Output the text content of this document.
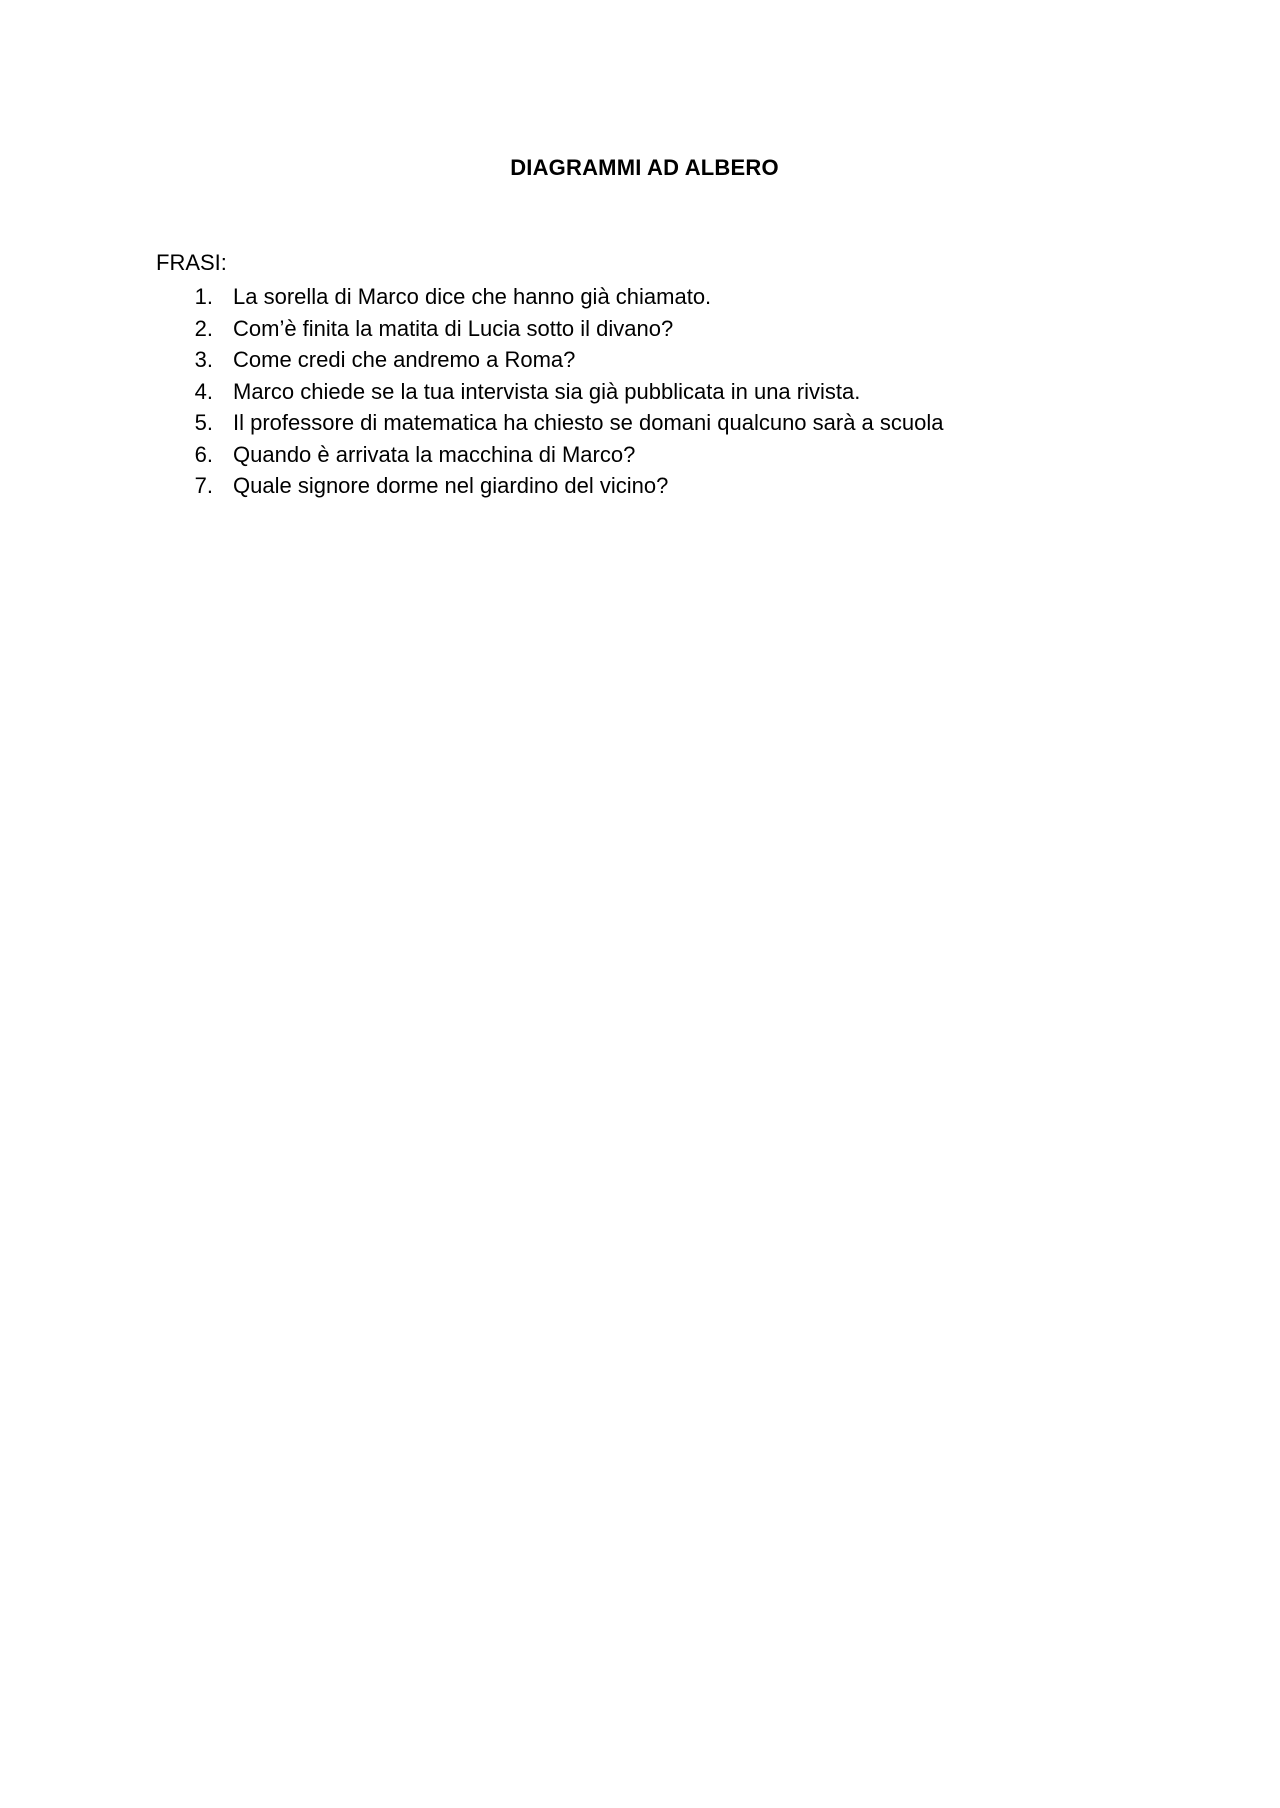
DIAGRAMMI AD ALBERO
FRASI:
1. La sorella di Marco dice che hanno già chiamato.
2. Com’è finita la matita di Lucia sotto il divano?
3. Come credi che andremo a Roma?
4. Marco chiede se la tua intervista sia già pubblicata in una rivista.
5. Il professore di matematica ha chiesto se domani qualcuno sarà a scuola
6. Quando è arrivata la macchina di Marco?
7. Quale signore dorme nel giardino del vicino?
